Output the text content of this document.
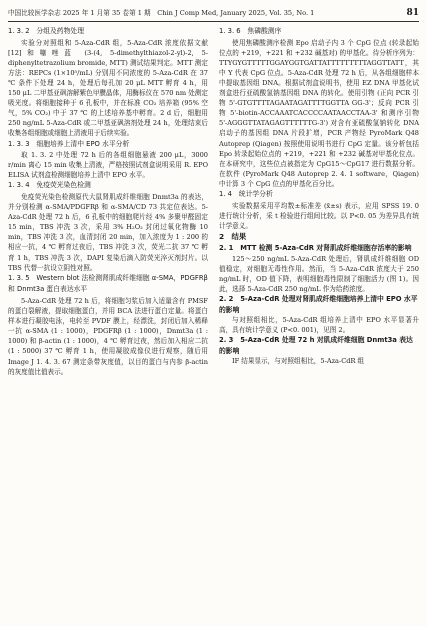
中国比较医学杂志 2025 年 1 月第 35 卷第 1 期　Chin J Comp Med, January 2025, Vol. 35, No. 1	81
1. 3. 2　分组及药物处理

实验分对照组和 5-Aza-CdR 组，5-Aza-CdR 浓度依据文献[12]和噻唑蓝 (3-(4, 5-dimethylthiazol-2-yl)-2, 5-diphenyltetrazolium bromide, MTT) 测试结果判定。MTT 测定方法：REPCs (1×10⁵/mL) 分别用不同浓度的 5-Aza-CdR 在 37 ℃ 条件下处理 24 h，处理后每孔加 20 μL MTT 孵育 4 h，用 150 μL 二甲基亚砜溶解紫色甲臜晶体，用酶标仪在 570 nm 处测定吸光度。将细胞接种于 6 孔板中，并在标准 CO₂ 培养箱 (95% 空气，5% CO₂) 中于 37 ℃ 的上述培养基中孵育。2 d 后，细胞用 250 ng/mL 5-Aza-CdR 或二甲基亚砜溶剂处理 24 h，处理结束后收集各组细胞或细胞上清液用于后续实验。

1. 3. 3　细胞培养上清中 EPO 水平分析

取 1. 3. 2 中处理 72 h 后的各组细胞悬液 200 μL，3000 r/min 离心 15 min 收集上清液，严格按照试剂盒说明采用 R. EPO ELISA 试剂盒检测细胞培养上清中 EPO 水平。

1. 3. 4　免疫荧光染色检测

免疫荧光染色检测原代大鼠肾肌成纤维细胞 Dnmt3a 的表达，并分别检测 α-SMA/PDGFRβ 和 α-SMA/CD 73 共定位表达。5-Aza-CdR 处理 72 h 后，6 孔板中的细胞爬片经 4% 多聚甲醛固定 15 min，TBS 冲洗 3 次，采用 3% H₂O₂ 封闭过氧化物酶 10 min，TBS 冲洗 3 次，血清封闭 20 min，加入浓度为 1 : 200 的相应一抗，4 ℃ 孵育过夜后，TBS 冲洗 3 次，荧光二抗 37 ℃ 孵育 1 h，TBS 冲洗 3 次，DAPI 复染后滴入防荧光淬灭剂封片。以 TBS 代替一抗设立阴性对照。

1. 3. 5　Western blot 法检测肾肌成纤维细胞 α-SMA，PDGFRβ 和 Dnmt3a 蛋白表达水平

5-Aza-CdR 处理 72 h 后，将细胞匀浆后加入适量含有 PMSF 的蛋白裂解液，提取细胞蛋白，并用 BCA 法进行蛋白定量。将蛋白样本进行凝胶电泳，电转至 PVDF 膜上，经漂洗，封闭后加入稀释一抗 α-SMA (1 : 1000)，PDGFRβ (1 : 1000)，Dnmt3a (1 : 1000) 和 β-actin (1 : 1000)，4 ℃ 孵育过夜，然后加入相应二抗 (1 : 5000) 37 ℃ 孵育 1 h，使用凝胶成像仪进行观察，随后用 Image J 1. 4. 3. 67 测定条带灰度值，以目的蛋白与内参 β-actin 的灰度值比值表示。

1. 3. 6　焦磷酸测序

使用焦磷酸测序检测 Epo 启动子内 3 个 CpG 位点 (转录起始位点的 +219，+221 和 +232 碱基对) 的甲基化。待分析序列为：TTYGYGTTTTTGGAYGGTGATTATTTTTTTTTAGGTTATT，其中 Y 代表 CpG 位点。5-Aza-CdR 处理 72 h 后，从各组细胞样本中提取基因组 DNA。根据试剂盒说明书，使用 EZ DNA 甲基化试剂盒进行亚硫酸氢钠基因组 DNA 的转化。使用引物 (正向 PCR 引物 5'-GTGTTTTAGAATAGATTTTGGTTA GG-3'；反向 PCR 引物 5'-biotin-ACCAAATCACCCCAATAACCTAA-3' 和测序引物 5'-AGGGTTATAGAGTTTTTTG-3') 对含有亚硫酸氢钠转化 DNA 启动子的基因组 DNA 片段扩增，PCR 产物经 PyroMark Q48 Autoprep (Qiagen) 按照使用说明书进行 CpG 定量。该分析包括 Epo 转录起始位点的 +219，+221 和 +232 碱基对甲基化位点。在本研究中，这些位点被指定为 CpG15～CpG17 进行数据分析。在软件 (PyroMark Q48 Autoprep 2. 4. 1 software，Qiagen) 中计算 3 个 CpG 位点的甲基化百分比。

1. 4　统计学分析

实验数据采用平均数±标准差 (x̄±s) 表示，应用 SPSS 19. 0 进行统计分析，采 t 检验进行组间比较。以 P<0. 05 为差异具有统计学意义。

2　结果
2. 1　MTT 检测 5-Aza-CdR 对肾肌成纤维细胞存活率的影响

125～250 ng/mL 5-Aza-CdR 处理后，肾肌成纤维细胞 OD 值稳定，对细胞无毒性作用。然而，当 5-Aza-CdR 浓度大于 250 ng/mL 时，OD 值下降，表明细胞毒性限制了细胞活力 (图 1)。因此，选择 5-Aza-CdR 250 ng/mL 作为给药浓度。

2. 2　5-Aza-CdR 处理对肾肌成纤维细胞培养上清中 EPO 水平的影响

与对照组相比，5-Aza-CdR 组培养上清中 EPO 水平显著升高，具有统计学意义 (P<0. 001)，见图 2。

2. 3　5-Aza-CdR 处理 72 h 对肌成纤维细胞 Dnmt3a 表达的影响

IF 结果显示，与对照组相比，5-Aza-CdR 组
